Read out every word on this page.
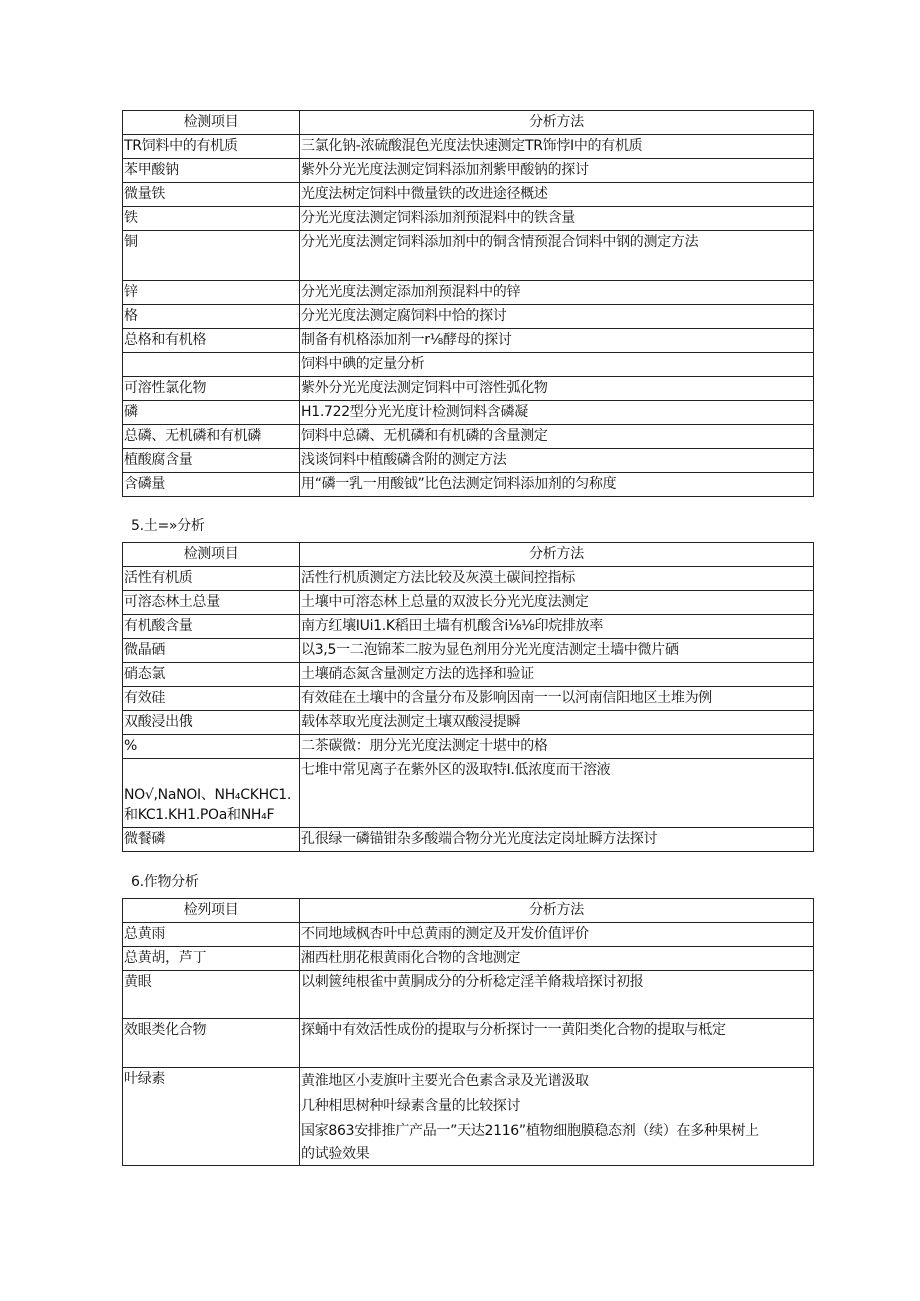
检测项目	分析方法
TR饲料中的有机质	三氯化钠-浓硫酸混色光度法快速测定TR饰悖I中的有机质
苯甲酸钠	紫外分光光度法测定饲料添加剂紫甲酸钠的探讨
微量铁	光度法树定饲料中微量铁的改进途径概述
铁	分光光度法测定饲料添加剂预混料中的铁含量
铜	分光光度法测定饲料添加剂中的铜含情预混合饲料中钢的测定方法
锌	分光光度法测定添加剂预混料中的锌
格	分光光度法测定腐饲料中恰的探讨
总格和有机格	制备有机格添加剂一r⅛酵母的探讨
	饲料中碘的定量分析
可溶性氯化物	紫外分光光度法测定饲料中可溶性弧化物
磷	H1.722型分光光度计检测饲料含磷凝
总磷、无机磷和有机磷	饲料中总磷、无机磷和有机磷的含量测定
植酸腐含量	浅谈饲料中植酸磷含附的测定方法
含磷量	用“磷一乳一用酸钺”比色法测定饲料添加剂的匀称度
5.土=»分析
检测项目	分析方法
活性有机质	活性行机质测定方法比较及灰漠土碳间控指标
可溶态林土总量	土壤中可溶态林上总量的双波长分光光度法测定
有机酸含量	南方红壤IUi1.K稻田土墙有机酸含i⅛⅛印烷排放率
微晶硒	以3,5一二泡锦苯二胺为显色剂用分光光度洁测定土墙中微片硒
硝态氯	土壤硝态氮含量测定方法的选择和验证
有效硅	有效硅在土壤中的含量分布及影响因南一一以河南信阳地区土堆为例
双酸浸出俄	载体萃取光度法测定土壤双酸浸提瞬
%	二茶碳微：朋分光光度法测定十堪中的格

NO√,NaNOI、NH₄CKHC1.
和KC1.KH1.POa和NH₄F	七堆中常见离子在紫外区的汲取特I.低浓度而干溶液
微餐磷	孔很绿一磷锚钳杂多酸端合物分光光度法定岗址瞬方法探讨
6.作物分析
检列项目	分析方法
总黄雨	不同地域枫杏叶中总黄雨的测定及开发价值评价
总黄胡，芦丁	湘西杜朋花根黄雨化合物的含地测定
黄眼	以刺篋纯根雀中黄胴成分的分析稔定淫羊脩栽培探讨初报
效眼类化合物	探蛹中有效活性成份的提取与分析探讨一一黄阳类化合物的提取与柢定
叶绿素	黄淮地区小麦旗叶主要光合色素含录及光谱汲取
几种相思树种叶绿素含量的比较探讨
国家863安排推广产品一”天达2116”植物细胞膜稳态剂（续）在多种果树上
的试验效果
